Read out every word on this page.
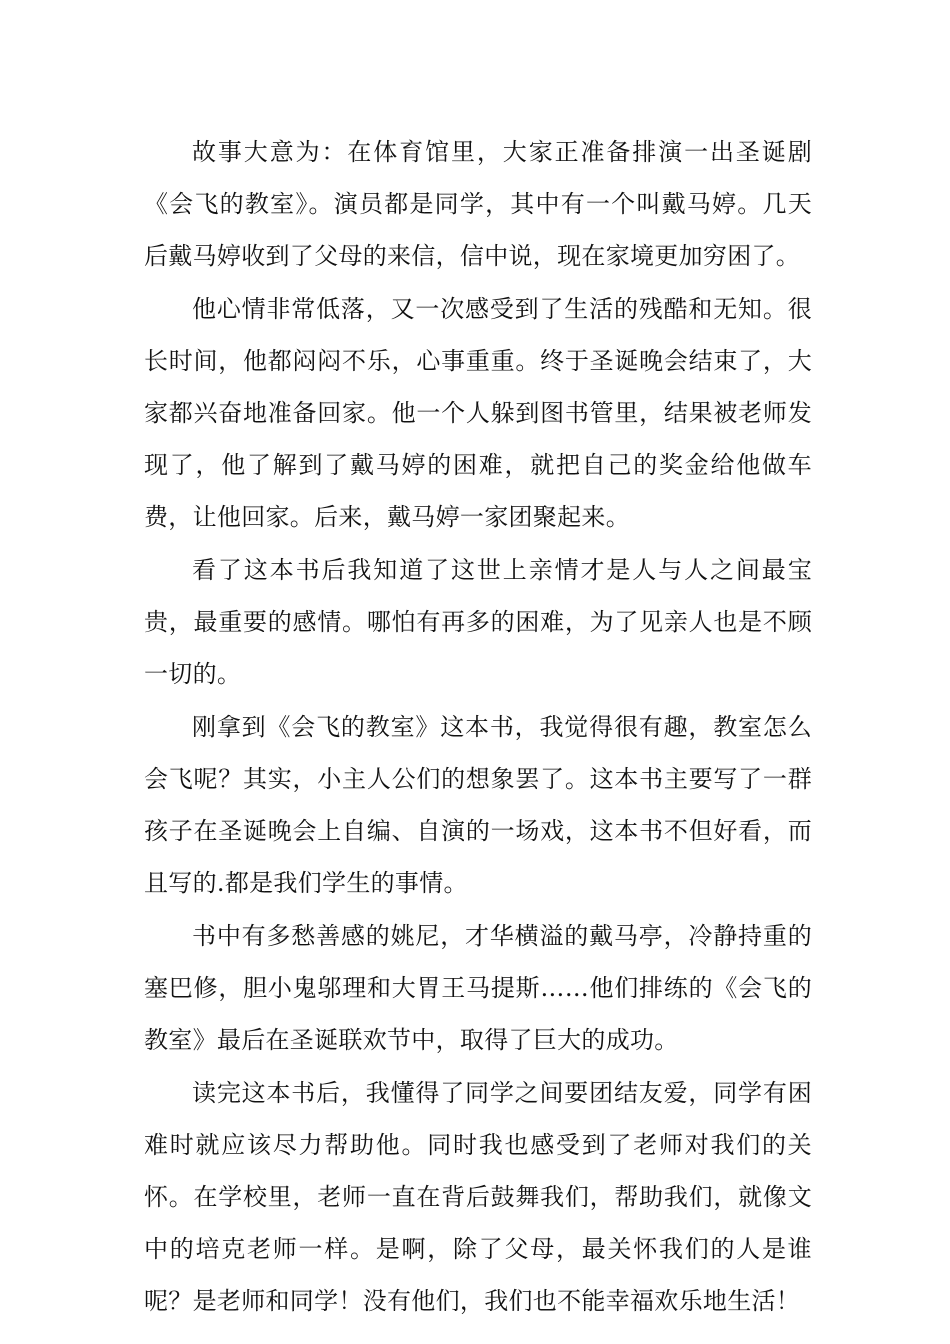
故事大意为：在体育馆里，大家正准备排演一出圣诞剧《会飞的教室》。演员都是同学，其中有一个叫戴马婷。几天后戴马婷收到了父母的来信，信中说，现在家境更加穷困了。

他心情非常低落，又一次感受到了生活的残酷和无知。很长时间，他都闷闷不乐，心事重重。终于圣诞晚会结束了，大家都兴奋地准备回家。他一个人躲到图书管里，结果被老师发现了，他了解到了戴马婷的困难，就把自己的奖金给他做车费，让他回家。后来，戴马婷一家团聚起来。

看了这本书后我知道了这世上亲情才是人与人之间最宝贵，最重要的感情。哪怕有再多的困难，为了见亲人也是不顾一切的。

刚拿到《会飞的教室》这本书，我觉得很有趣，教室怎么会飞呢？其实，小主人公们的想象罢了。这本书主要写了一群孩子在圣诞晚会上自编、自演的一场戏，这本书不但好看，而且写的.都是我们学生的事情。

书中有多愁善感的姚尼，才华横溢的戴马亭，冷静持重的塞巴修，胆小鬼邬理和大胃王马提斯……他们排练的《会飞的教室》最后在圣诞联欢节中，取得了巨大的成功。

读完这本书后，我懂得了同学之间要团结友爱，同学有困难时就应该尽力帮助他。同时我也感受到了老师对我们的关怀。在学校里，老师一直在背后鼓舞我们，帮助我们，就像文中的培克老师一样。是啊，除了父母，最关怀我们的人是谁呢？是老师和同学！没有他们，我们也不能幸福欢乐地生活！
